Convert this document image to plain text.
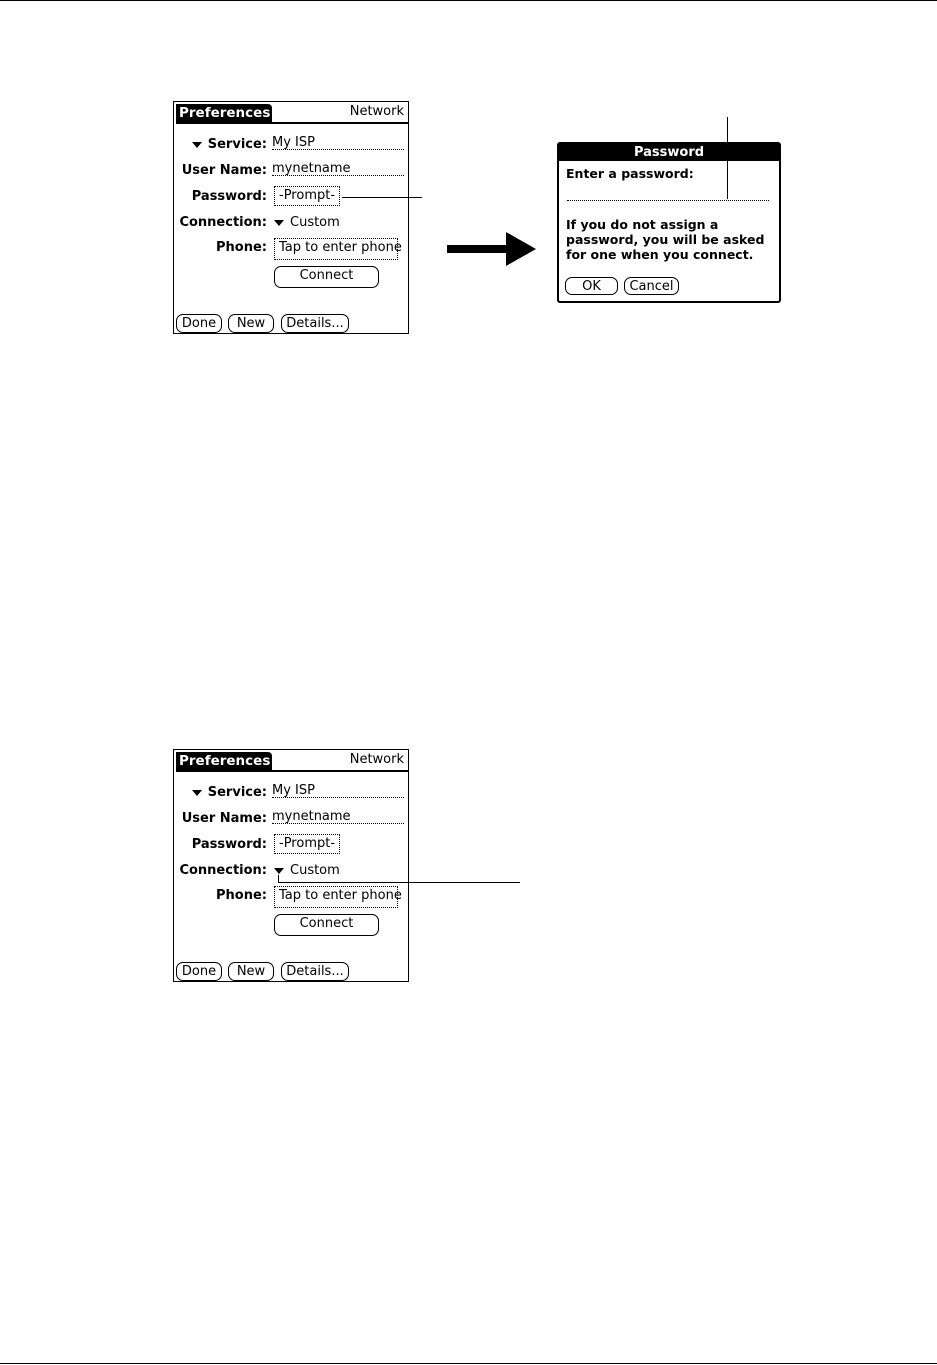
Preferences	Network
Service: My ISP
User Name: mynetname
Password: -Prompt-
Connection:	Custom
Phone: Tap to enter phone
Connect
Done	New	Details...
Password
Enter a password:
If you do not assign a
password, you will be asked
for one when you connect.
OK	Cancel
Preferences	Network
Service: My ISP
User Name: mynetname
Password: -Prompt-
Connection:	Custom
Phone: Tap to enter phone
Connect
Done	New	Details...
